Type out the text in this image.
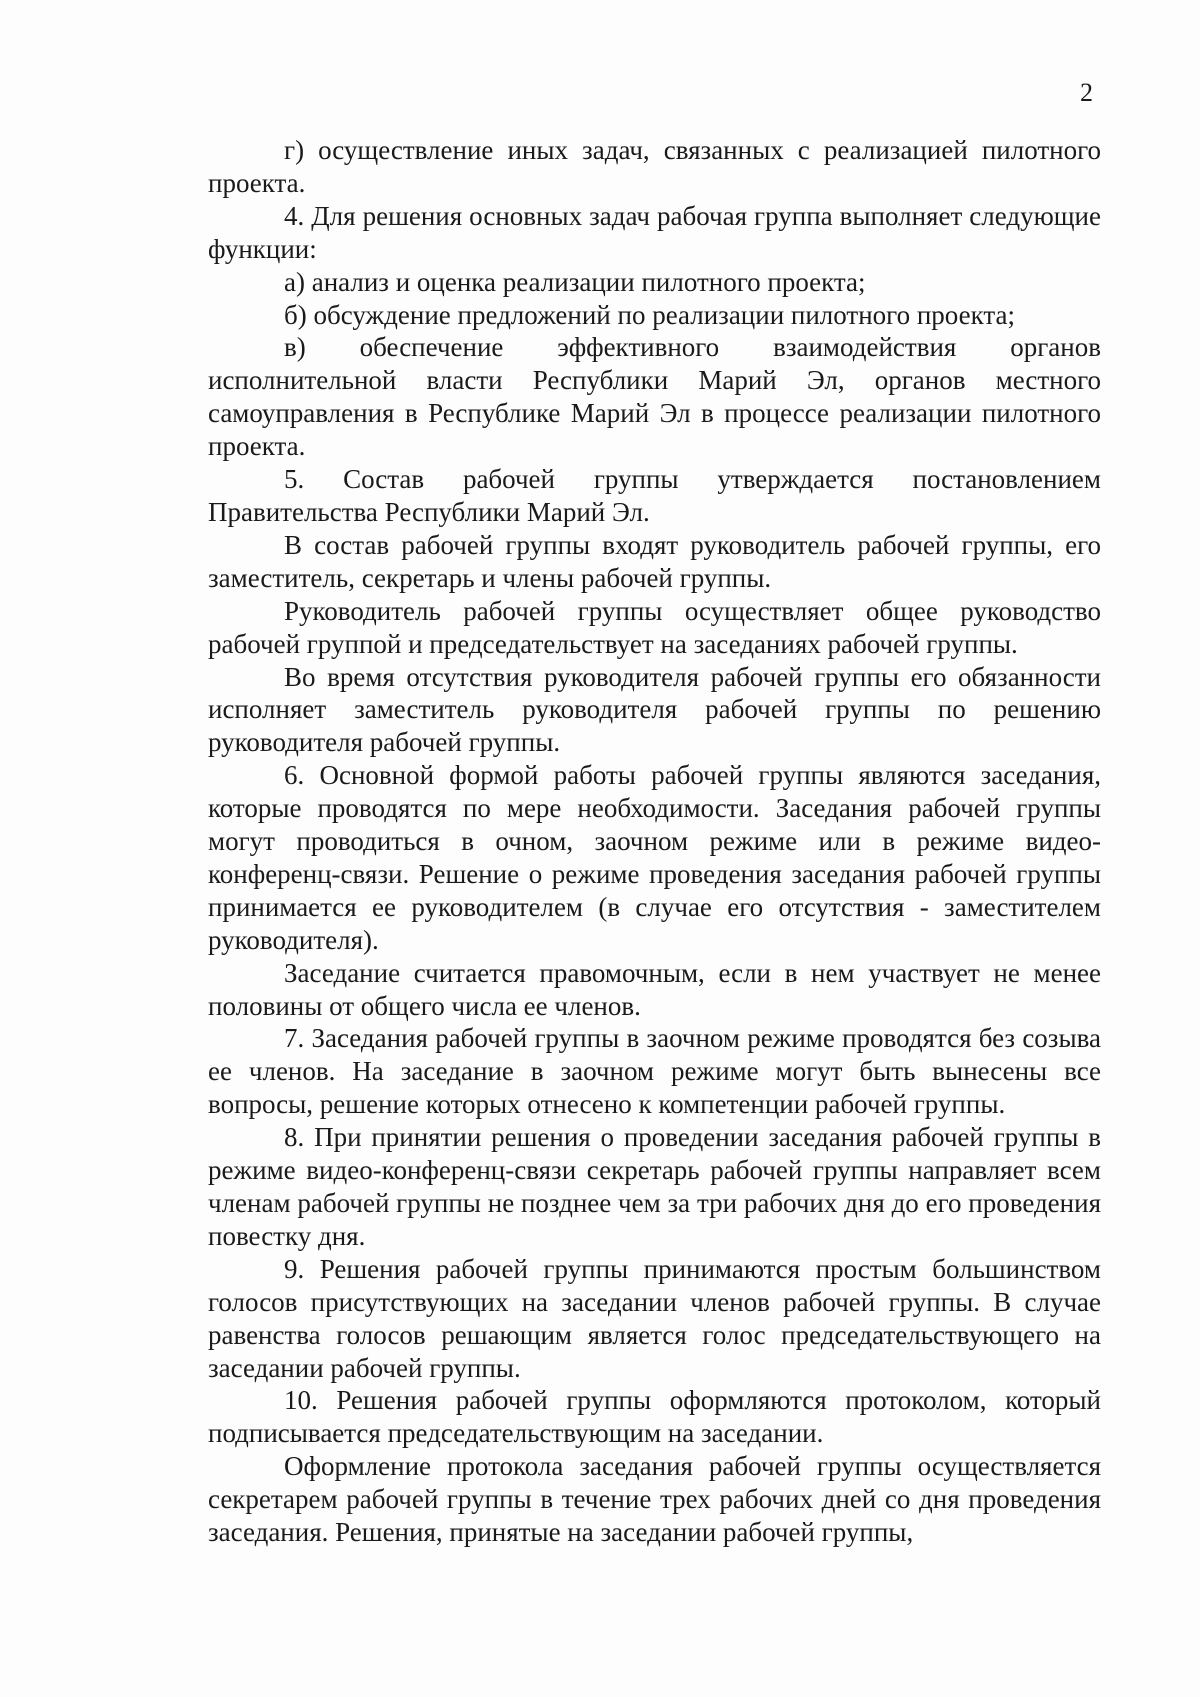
2

г) осуществление иных задач, связанных с реализацией пилотного проекта.

4. Для решения основных задач рабочая группа выполняет следующие функции:

а) анализ и оценка реализации пилотного проекта;

б) обсуждение предложений по реализации пилотного проекта;

в) обеспечение эффективного взаимодействия органов исполнительной власти Республики Марий Эл, органов местного самоуправления в Республике Марий Эл в процессе реализации пилотного проекта.

5. Состав рабочей группы утверждается постановлением Правительства Республики Марий Эл.

В состав рабочей группы входят руководитель рабочей группы, его заместитель, секретарь и члены рабочей группы.

Руководитель рабочей группы осуществляет общее руководство рабочей группой и председательствует на заседаниях рабочей группы.

Во время отсутствия руководителя рабочей группы его обязанности исполняет заместитель руководителя рабочей группы по решению руководителя рабочей группы.

6. Основной формой работы рабочей группы являются заседания, которые проводятся по мере необходимости. Заседания рабочей группы могут проводиться в очном, заочном режиме или в режиме видео-конференц-связи. Решение о режиме проведения заседания рабочей группы принимается ее руководителем (в случае его отсутствия - заместителем руководителя).

Заседание считается правомочным, если в нем участвует не менее половины от общего числа ее членов.

7. Заседания рабочей группы в заочном режиме проводятся без созыва ее членов. На заседание в заочном режиме могут быть вынесены все вопросы, решение которых отнесено к компетенции рабочей группы.

8. При принятии решения о проведении заседания рабочей группы в режиме видео-конференц-связи секретарь рабочей группы направляет всем членам рабочей группы не позднее чем за три рабочих дня до его проведения повестку дня.

9. Решения рабочей группы принимаются простым большинством голосов присутствующих на заседании членов рабочей группы. В случае равенства голосов решающим является голос председательствующего на заседании рабочей группы.

10. Решения рабочей группы оформляются протоколом, который подписывается председательствующим на заседании.

Оформление протокола заседания рабочей группы осуществляется секретарем рабочей группы в течение трех рабочих дней со дня проведения заседания. Решения, принятые на заседании рабочей группы,
